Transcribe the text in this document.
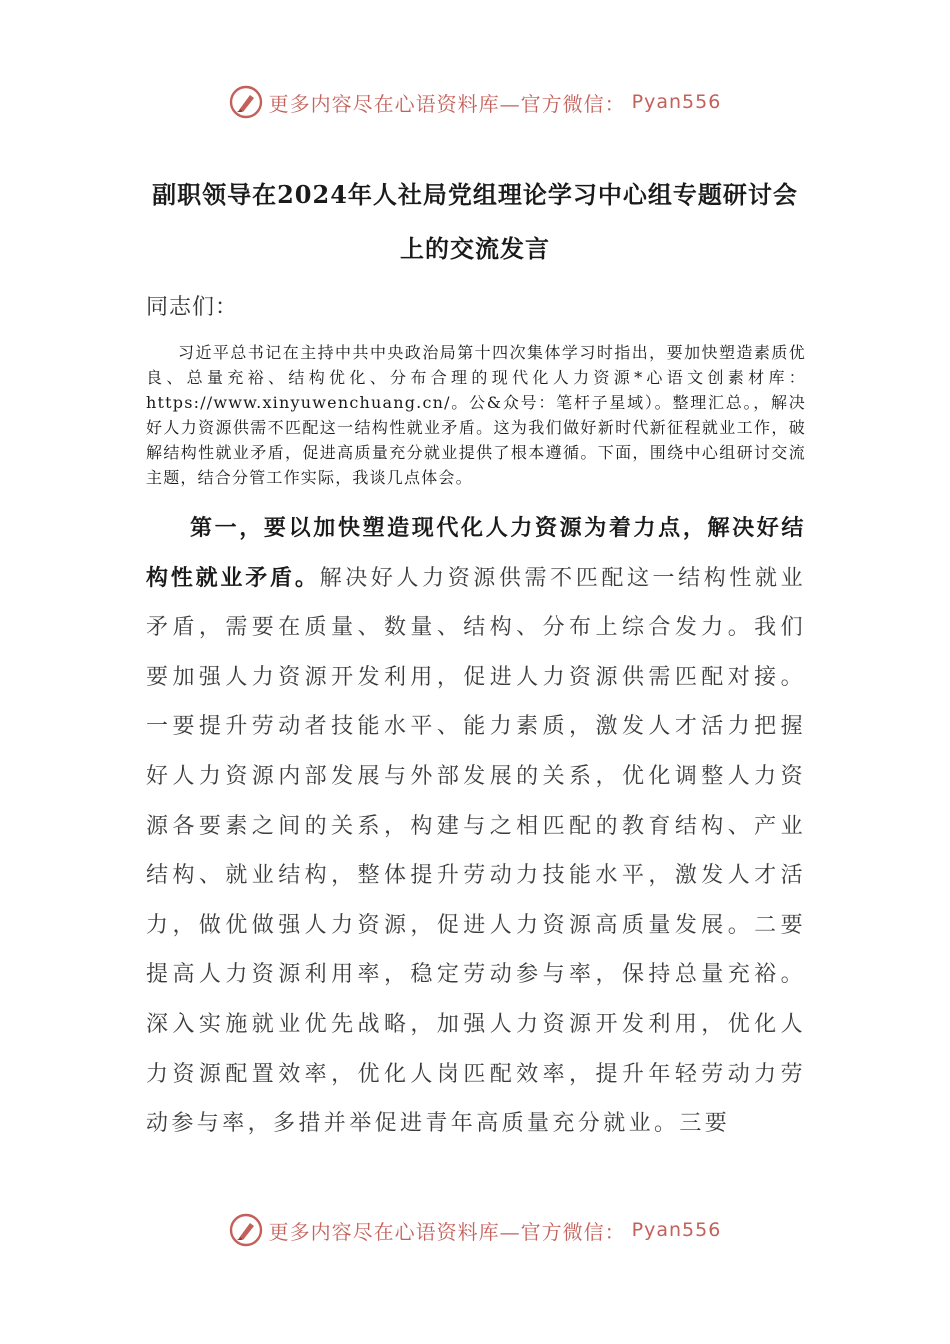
更多内容尽在心语资料库—官方微信： Pyan556
副职领导在2024年人社局党组理论学习中心组专题研讨会
上的交流发言
同志们：

习近平总书记在主持中共中央政治局第十四次集体学习时指出，要加快塑造素质优良、总量充裕、结构优化、分布合理的现代化人力资源*心语文创素材库：https://www.xinyuwenchuang.cn/。公&众号：笔杆子星域）。整理汇总。，解决好人力资源供需不匹配这一结构性就业矛盾。这为我们做好新时代新征程就业工作，破解结构性就业矛盾，促进高质量充分就业提供了根本遵循。下面，围绕中心组研讨交流主题，结合分管工作实际，我谈几点体会。

第一，要以加快塑造现代化人力资源为着力点，解决好结构性就业矛盾。解决好人力资源供需不匹配这一结构性就业矛盾，需要在质量、数量、结构、分布上综合发力。我们要加强人力资源开发利用，促进人力资源供需匹配对接。一要提升劳动者技能水平、能力素质，激发人才活力把握好人力资源内部发展与外部发展的关系，优化调整人力资源各要素之间的关系，构建与之相匹配的教育结构、产业结构、就业结构，整体提升劳动力技能水平，激发人才活力，做优做强人力资源，促进人力资源高质量发展。二要提高人力资源利用率，稳定劳动参与率，保持总量充裕。深入实施就业优先战略，加强人力资源开发利用，优化人力资源配置效率，优化人岗匹配效率，提升年轻劳动力劳动参与率，多措并举促进青年高质量充分就业。三要

更多内容尽在心语资料库—官方微信： Pyan556
